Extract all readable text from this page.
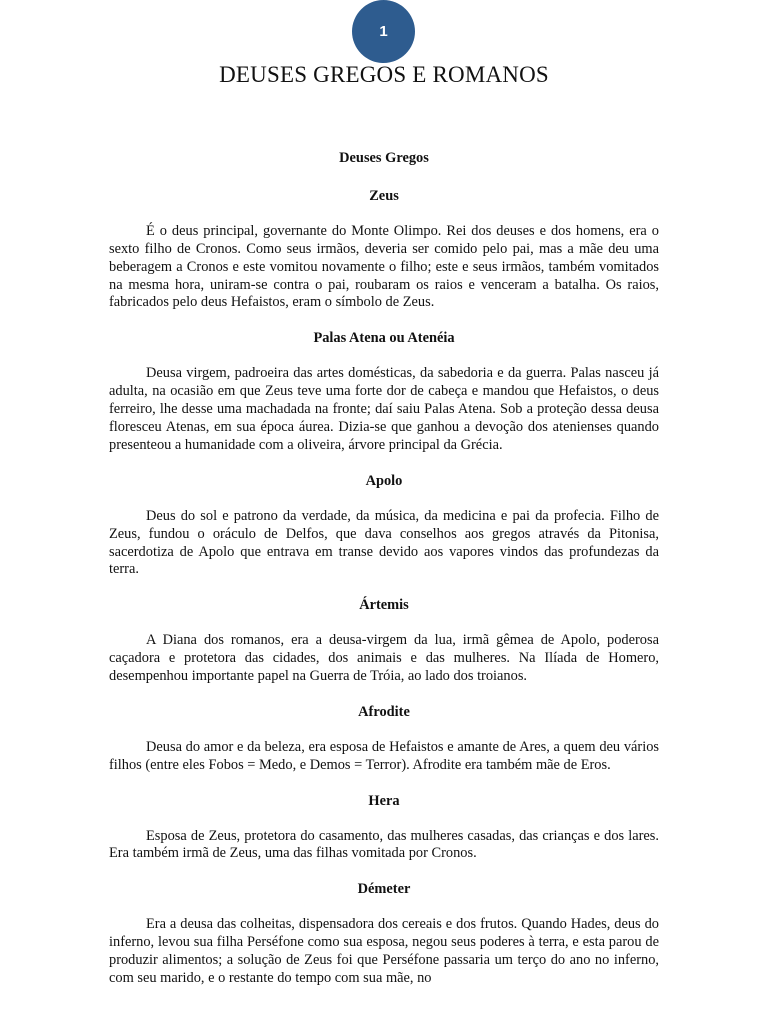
1
DEUSES GREGOS E ROMANOS

Deuses Gregos

Zeus

É o deus principal, governante do Monte Olimpo. Rei dos deuses e dos homens, era o sexto filho de Cronos. Como seus irmãos, deveria ser comido pelo pai, mas a mãe deu uma beberagem a Cronos e este vomitou novamente o filho; este e seus irmãos, também vomitados na mesma hora, uniram-se contra o pai, roubaram os raios e venceram a batalha. Os raios, fabricados pelo deus Hefaistos, eram o símbolo de Zeus.

Palas Atena ou Atenéia

Deusa virgem, padroeira das artes domésticas, da sabedoria e da guerra. Palas nasceu já adulta, na ocasião em que Zeus teve uma forte dor de cabeça e mandou que Hefaistos, o deus ferreiro, lhe desse uma machadada na fronte; daí saiu Palas Atena. Sob a proteção dessa deusa floresceu Atenas, em sua época áurea. Dizia-se que ganhou a devoção dos atenienses quando presenteou a humanidade com a oliveira, árvore principal da Grécia.

Apolo

Deus do sol e patrono da verdade, da música, da medicina e pai da profecia. Filho de Zeus, fundou o oráculo de Delfos, que dava conselhos aos gregos através da Pitonisa, sacerdotiza de Apolo que entrava em transe devido aos vapores vindos das profundezas da terra.

Ártemis

A Diana dos romanos, era a deusa-virgem da lua, irmã gêmea de Apolo, poderosa caçadora e protetora das cidades, dos animais e das mulheres. Na Ilíada de Homero, desempenhou importante papel na Guerra de Tróia, ao lado dos troianos.

Afrodite

Deusa do amor e da beleza, era esposa de Hefaistos e amante de Ares, a quem deu vários filhos (entre eles Fobos = Medo, e Demos = Terror). Afrodite era também mãe de Eros.

Hera

Esposa de Zeus, protetora do casamento, das mulheres casadas, das crianças e dos lares. Era também irmã de Zeus, uma das filhas vomitada por Cronos.

Démeter

Era a deusa das colheitas, dispensadora dos cereais e dos frutos. Quando Hades, deus do inferno, levou sua filha Perséfone como sua esposa, negou seus poderes à terra, e esta parou de produzir alimentos; a solução de Zeus foi que Perséfone passaria um terço do ano no inferno, com seu marido, e o restante do tempo com sua mãe, no
